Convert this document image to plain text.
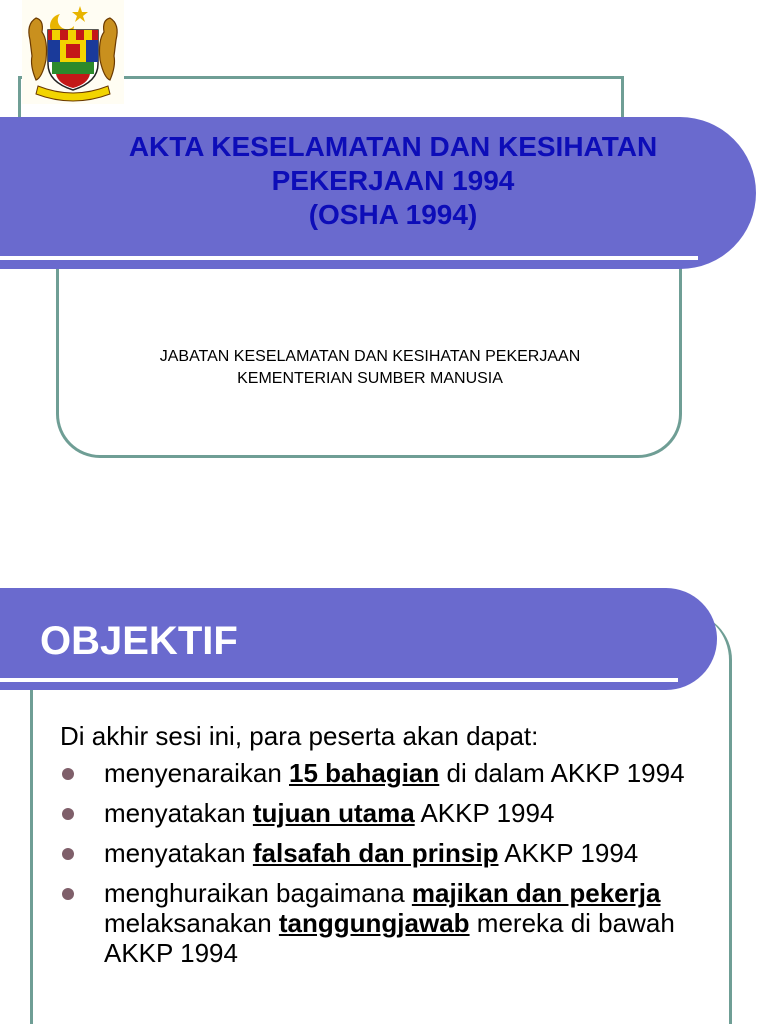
AKTA KESELAMATAN DAN KESIHATAN
PEKERJAAN 1994
(OSHA 1994)
JABATAN KESELAMATAN DAN KESIHATAN PEKERJAAN
KEMENTERIAN SUMBER MANUSIA
OBJEKTIF
Di akhir sesi ini, para peserta akan dapat:
menyenaraikan 15 bahagian di dalam AKKP 1994
menyatakan tujuan utama AKKP 1994
menyatakan falsafah dan prinsip AKKP 1994
menghuraikan bagaimana majikan dan pekerja melaksanakan tanggungjawab mereka di bawah AKKP 1994
